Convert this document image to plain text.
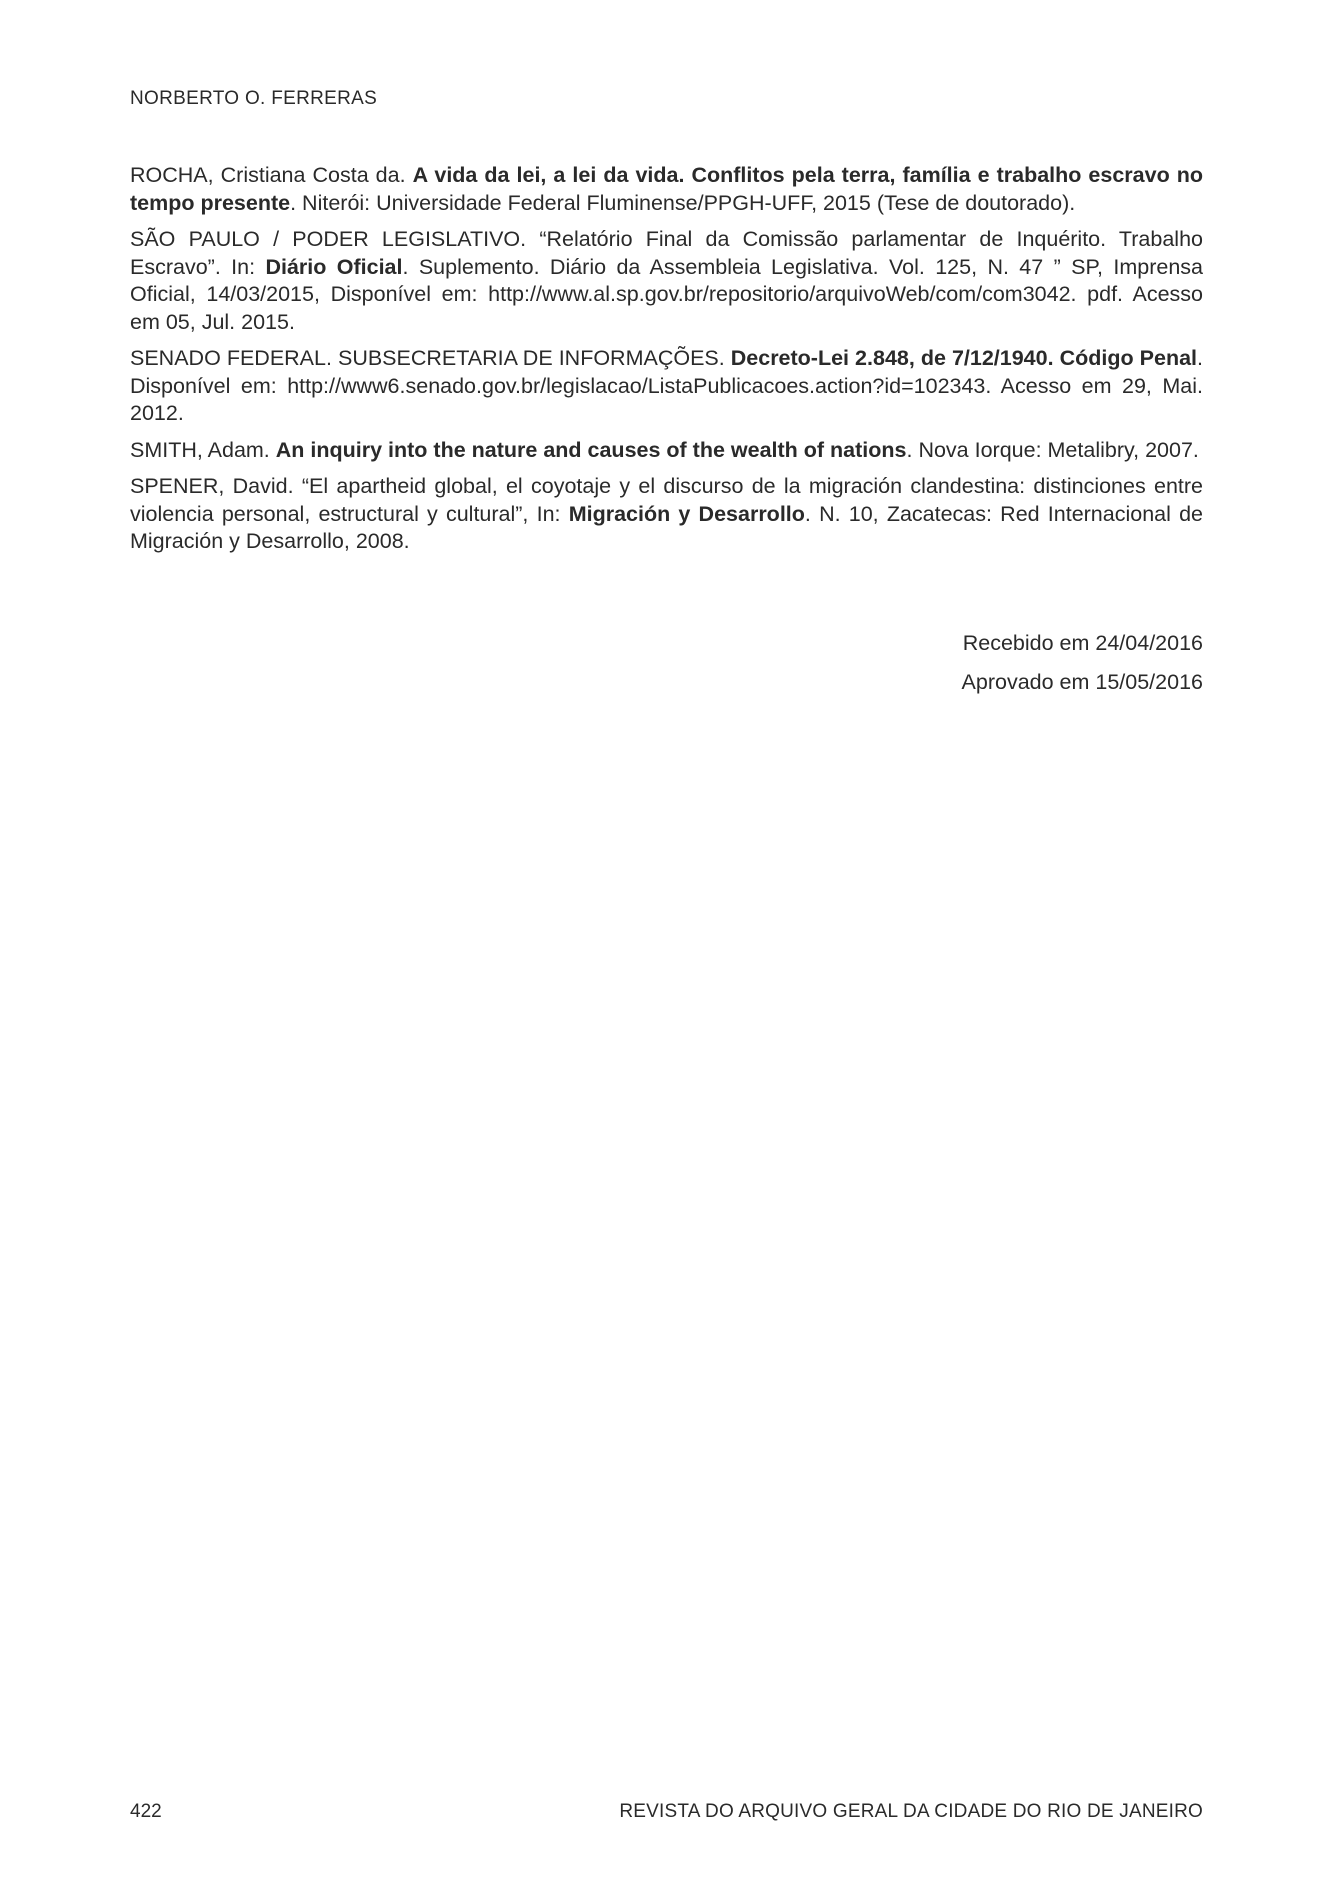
NORBERTO O. FERRERAS

ROCHA, Cristiana Costa da. A vida da lei, a lei da vida. Conflitos pela terra, família e trabalho escravo no tempo presente. Niterói: Universidade Federal Fluminense/PPGH-UFF, 2015 (Tese de doutorado).

SÃO PAULO / PODER LEGISLATIVO. “Relatório Final da Comissão parlamentar de Inquérito. Trabalho Escravo”. In: Diário Oficial. Suplemento. Diário da Assembleia Legislativa. Vol. 125, N. 47 ” SP, Imprensa Oficial, 14/03/2015, Disponível em: http://www.al.sp.gov.br/repositorio/arquivoWeb/com/com3042. pdf. Acesso em 05, Jul. 2015.

SENADO FEDERAL. SUBSECRETARIA DE INFORMAÇÕES. Decreto-Lei 2.848, de 7/12/1940. Código Penal. Disponível em: http://www6.senado.gov.br/legislacao/ListaPublicacoes.action?id=102343. Acesso em 29, Mai. 2012.

SMITH, Adam. An inquiry into the nature and causes of the wealth of nations. Nova Iorque: Metalibry, 2007.

SPENER, David. “El apartheid global, el coyotaje y el discurso de la migración clandestina: distinciones entre violencia personal, estructural y cultural”, In: Migración y Desarrollo. N. 10, Zacatecas: Red Internacional de Migración y Desarrollo, 2008.

Recebido em 24/04/2016
Aprovado em 15/05/2016
422	REVISTA DO ARQUIVO GERAL DA CIDADE DO RIO DE JANEIRO
